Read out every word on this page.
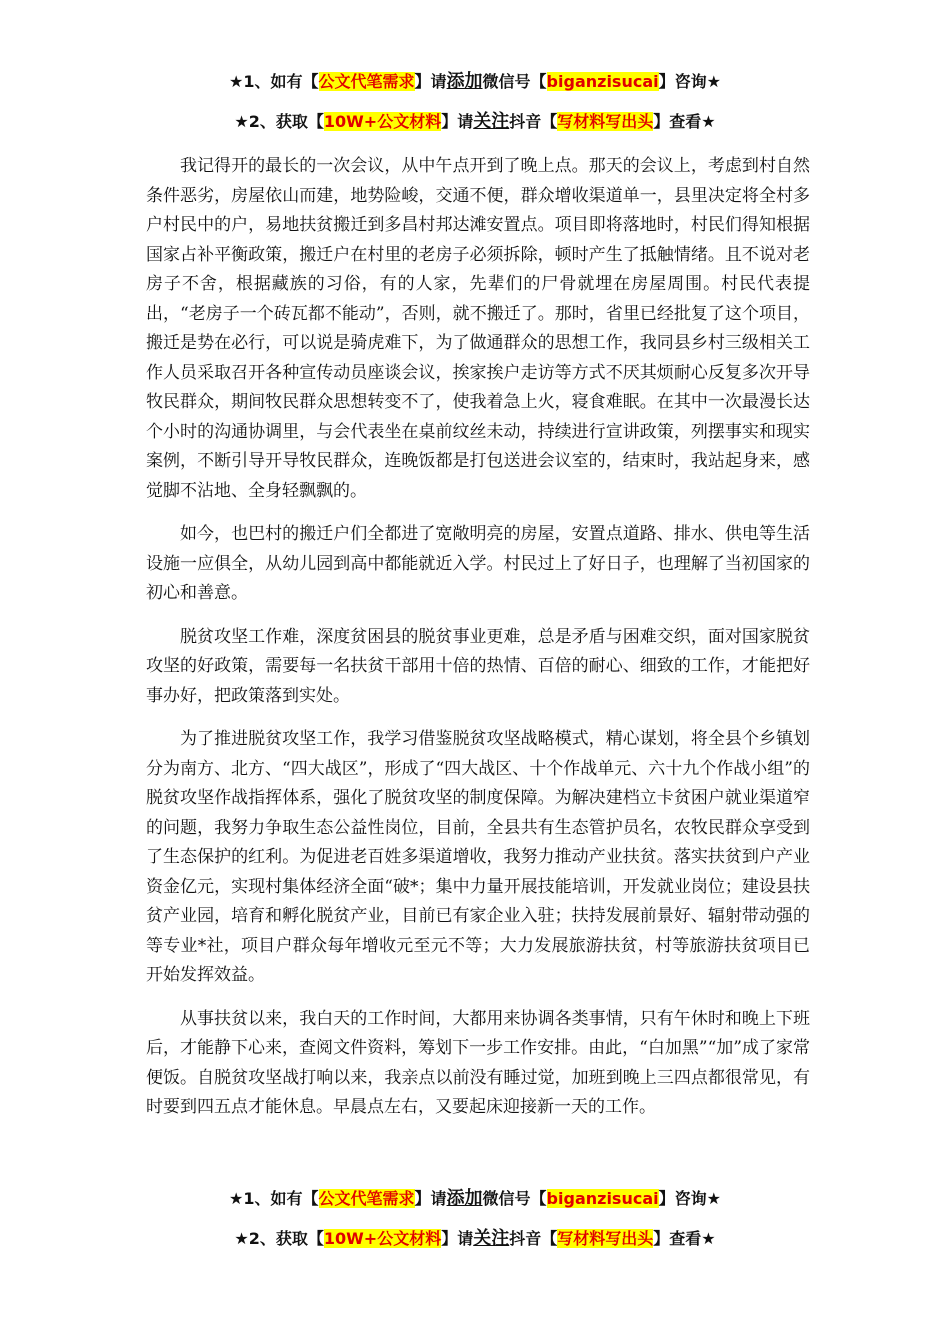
★1、如有【公文代笔需求】请添加微信号【biganzisucai】咨询★
★2、获取【10W+公文材料】请关注抖音【写材料写出头】查看★

我记得开的最长的一次会议，从中午点开到了晚上点。那天的会议上，考虑到村自然条件恶劣，房屋依山而建，地势险峻，交通不便，群众增收渠道单一，县里决定将全村多户村民中的户，易地扶贫搬迁到多昌村邦达滩安置点。项目即将落地时，村民们得知根据国家占补平衡政策，搬迁户在村里的老房子必须拆除，顿时产生了抵触情绪。且不说对老房子不舍，根据藏族的习俗，有的人家，先辈们的尸骨就埋在房屋周围。村民代表提出，“老房子一个砖瓦都不能动”，否则，就不搬迁了。那时，省里已经批复了这个项目，搬迁是势在必行，可以说是骑虎难下，为了做通群众的思想工作，我同县乡村三级相关工作人员采取召开各种宣传动员座谈会议，挨家挨户走访等方式不厌其烦耐心反复多次开导牧民群众，期间牧民群众思想转变不了，使我着急上火，寝食难眠。在其中一次最漫长达个小时的沟通协调里，与会代表坐在桌前纹丝未动，持续进行宣讲政策，列摆事实和现实案例，不断引导开导牧民群众，连晚饭都是打包送进会议室的，结束时，我站起身来，感觉脚不沾地、全身轻飘飘的。

如今，也巴村的搬迁户们全都进了宽敞明亮的房屋，安置点道路、排水、供电等生活设施一应俱全，从幼儿园到高中都能就近入学。村民过上了好日子，也理解了当初国家的初心和善意。

脱贫攻坚工作难，深度贫困县的脱贫事业更难，总是矛盾与困难交织，面对国家脱贫攻坚的好政策，需要每一名扶贫干部用十倍的热情、百倍的耐心、细致的工作，才能把好事办好，把政策落到实处。

为了推进脱贫攻坚工作，我学习借鉴脱贫攻坚战略模式，精心谋划，将全县个乡镇划分为南方、北方、“四大战区”，形成了“四大战区、十个作战单元、六十九个作战小组”的脱贫攻坚作战指挥体系，强化了脱贫攻坚的制度保障。为解决建档立卡贫困户就业渠道窄的问题，我努力争取生态公益性岗位，目前，全县共有生态管护员名，农牧民群众享受到了生态保护的红利。为促进老百姓多渠道增收，我努力推动产业扶贫。落实扶贫到户产业资金亿元，实现村集体经济全面“破*；集中力量开展技能培训，开发就业岗位；建设县扶贫产业园，培育和孵化脱贫产业，目前已有家企业入驻；扶持发展前景好、辐射带动强的等专业*社，项目户群众每年增收元至元不等；大力发展旅游扶贫，村等旅游扶贫项目已开始发挥效益。

从事扶贫以来，我白天的工作时间，大都用来协调各类事情，只有午休时和晚上下班后，才能静下心来，查阅文件资料，筹划下一步工作安排。由此，“白加黑”“加”成了家常便饭。自脱贫攻坚战打响以来，我亲点以前没有睡过觉，加班到晚上三四点都很常见，有时要到四五点才能休息。早晨点左右，又要起床迎接新一天的工作。

★1、如有【公文代笔需求】请添加微信号【biganzisucai】咨询★
★2、获取【10W+公文材料】请关注抖音【写材料写出头】查看★
